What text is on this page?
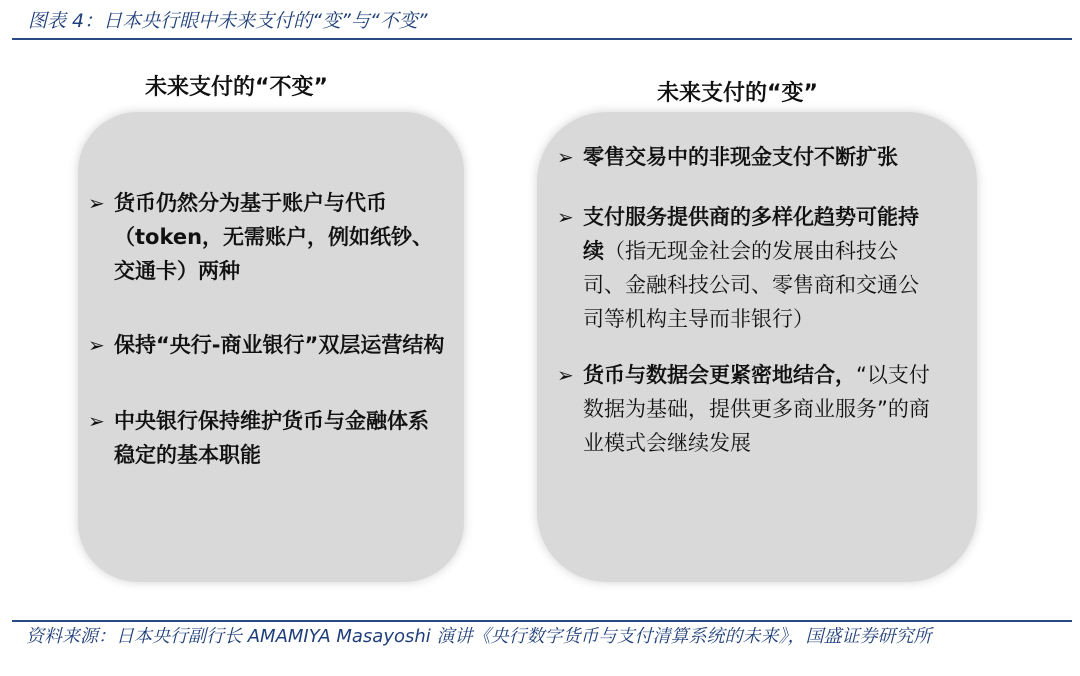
图表 4：日本央行眼中未来支付的“变”与“不变”
未来支付的“不变”
➢ 货币仍然分为基于账户与代币（token，无需账户，例如纸钞、交通卡）两种
➢ 保持“央行-商业银行”双层运营结构
➢ 中央银行保持维护货币与金融体系稳定的基本职能
未来支付的“变”
➢ 零售交易中的非现金支付不断扩张
➢ 支付服务提供商的多样化趋势可能持续（指无现金社会的发展由科技公司、金融科技公司、零售商和交通公司等机构主导而非银行）
➢ 货币与数据会更紧密地结合，“以支付数据为基础，提供更多商业服务”的商业模式会继续发展
资料来源：日本央行副行长 AMAMIYA Masayoshi 演讲《央行数字货币与支付清算系统的未来》，国盛证券研究所
